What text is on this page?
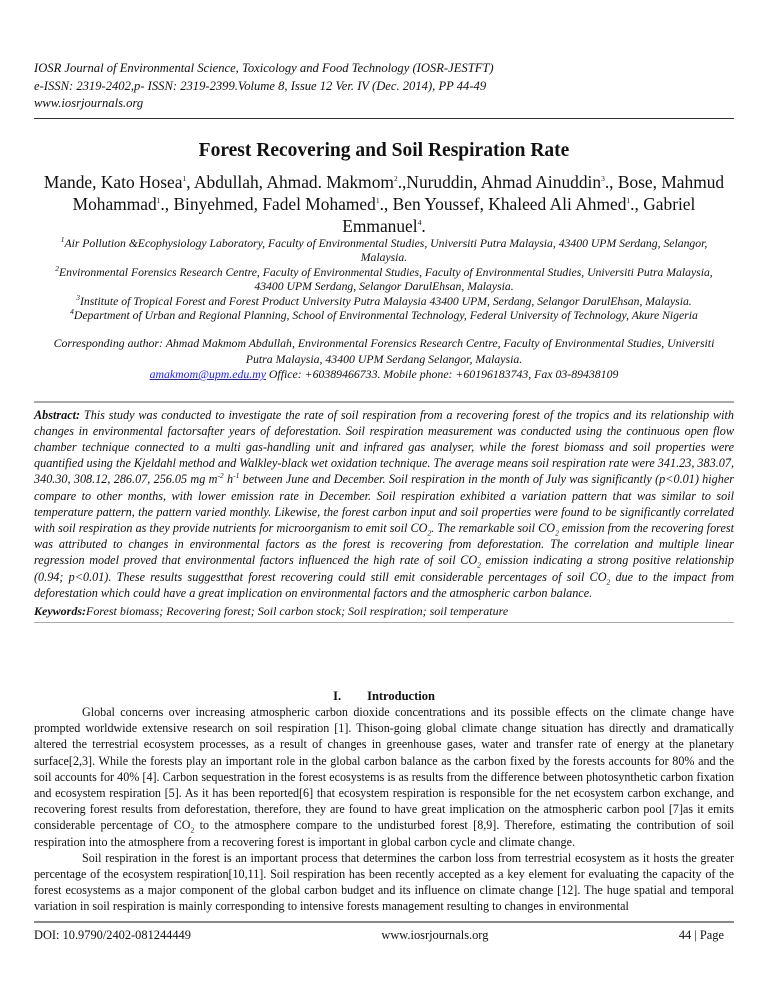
IOSR Journal of Environmental Science, Toxicology and Food Technology (IOSR-JESTFT)
e-ISSN: 2319-2402,p- ISSN: 2319-2399.Volume 8, Issue 12 Ver. IV (Dec. 2014), PP 44-49
www.iosrjournals.org
Forest Recovering and Soil Respiration Rate
Mande, Kato Hosea$^1$, Abdullah, Ahmad. Makmom$^2$.,Nuruddin, Ahmad Ainuddin$^3$., Bose, Mahmud Mohammad$^1$., Binyehmed, Fadel Mohamed$^1$., Ben Youssef, Khaleed Ali Ahmed$^1$., Gabriel Emmanuel$^4$.
$^1$Air Pollution &Ecophysiology Laboratory, Faculty of Environmental Studies, Universiti Putra Malaysia, 43400 UPM Serdang, Selangor, Malaysia.
$^2$Environmental Forensics Research Centre, Faculty of Environmental Studies, Faculty of Environmental Studies, Universiti Putra Malaysia, 43400 UPM Serdang, Selangor DarulEhsan, Malaysia.
$^3$Institute of Tropical Forest and Forest Product University Putra Malaysia 43400 UPM, Serdang, Selangor DarulEhsan, Malaysia.
$^4$Department of Urban and Regional Planning, School of Environmental Technology, Federal University of Technology, Akure Nigeria
Corresponding author: Ahmad Makmom Abdullah, Environmental Forensics Research Centre, Faculty of Environmental Studies, Universiti Putra Malaysia, 43400 UPM Serdang Selangor, Malaysia.
amakmom@upm.edu.my Office: +60389466733. Mobile phone: +60196183743, Fax 03-89438109
Abstract: This study was conducted to investigate the rate of soil respiration from a recovering forest of the tropics and its relationship with changes in environmental factorsafter years of deforestation. Soil respiration measurement was conducted using the continuous open flow chamber technique connected to a multi gas-handling unit and infrared gas analyser, while the forest biomass and soil properties were quantified using the Kjeldahl method and Walkley-black wet oxidation technique. The average means soil respiration rate were 341.23, 383.07, 340.30, 308.12, 286.07, 256.05 mg $m^{-2}$ $h^{-1}$ between June and December. Soil respiration in the month of July was significantly (p<0.01) higher compare to other months, with lower emission rate in December. Soil respiration exhibited a variation pattern that was similar to soil temperature pattern, the pattern varied monthly. Likewise, the forest carbon input and soil properties were found to be significantly correlated with soil respiration as they provide nutrients for microorganism to emit soil $CO_2$. The remarkable soil $CO_2$ emission from the recovering forest was attributed to changes in environmental factors as the forest is recovering from deforestation. The correlation and multiple linear regression model proved that environmental factors influenced the high rate of soil $CO_2$ emission indicating a strong positive relationship (0.94; p<0.01). These results suggestthat forest recovering could still emit considerable percentages of soil $CO_2$ due to the impact from deforestation which could have a great implication on environmental factors and the atmospheric carbon balance.
Keywords:Forest biomass; Recovering forest; Soil carbon stock; Soil respiration; soil temperature
I. Introduction

Global concerns over increasing atmospheric carbon dioxide concentrations and its possible effects on the climate change have prompted worldwide extensive research on soil respiration [1]. Thison-going global climate change situation has directly and dramatically altered the terrestrial ecosystem processes, as a result of changes in greenhouse gases, water and transfer rate of energy at the planetary surface[2,3]. While the forests play an important role in the global carbon balance as the carbon fixed by the forests accounts for 80% and the soil accounts for 40% [4]. Carbon sequestration in the forest ecosystems is as results from the difference between photosynthetic carbon fixation and ecosystem respiration [5]. As it has been reported[6] that ecosystem respiration is responsible for the net ecosystem carbon exchange, and recovering forest results from deforestation, therefore, they are found to have great implication on the atmospheric carbon pool [7]as it emits considerable percentage of $CO_2$ to the atmosphere compare to the undisturbed forest [8,9]. Therefore, estimating the contribution of soil respiration into the atmosphere from a recovering forest is important in global carbon cycle and climate change.

Soil respiration in the forest is an important process that determines the carbon loss from terrestrial ecosystem as it hosts the greater percentage of the ecosystem respiration[10,11]. Soil respiration has been recently accepted as a key element for evaluating the capacity of the forest ecosystems as a major component of the global carbon budget and its influence on climate change [12]. The huge spatial and temporal variation in soil respiration is mainly corresponding to intensive forests management resulting to changes in environmental

DOI: 10.9790/2402-081244449	www.iosrjournals.org	44 | Page
